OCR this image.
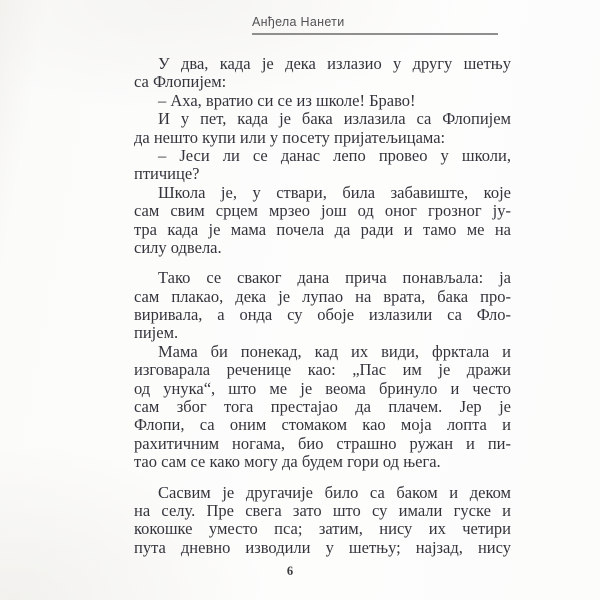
Анђела Нанети
У два, када је дека излазио у другу шетњу
са Флопијем:
– Аха, вратио си се из школе! Браво!
И у пет, када је бака излазила са Флопијем
да нешто купи или у посету пријатељицама:
– Јеси ли се данас лепо провео у школи,
птичице?
Школа је, у ствари, била забавиште, које
сам свим срцем мрзео још од оног грозног ју-
тра када је мама почела да ради и тамо ме на
силу одвела.
Тако се сваког дана прича понављала: ја
сам плакао, дека је лупао на врата, бака про-
виривала, а онда су обоје излазили са Фло-
пијем.
Мама би понекад, кад их види, фрктала и
изговарала реченице као: „Пас им је дражи
од унука“, што ме је веома бринуло и често
сам због тога престајао да плачем. Јер је
Флопи, са оним стомаком као моја лопта и
рахитичним ногама, био страшно ружан и пи-
тао сам се како могу да будем гори од њега.
Сасвим је другачије било са баком и деком
на селу. Пре свега зато што су имали гуске и
кокошке уместо пса; затим, нису их четири
пута дневно изводили у шетњу; најзад, нису
6
